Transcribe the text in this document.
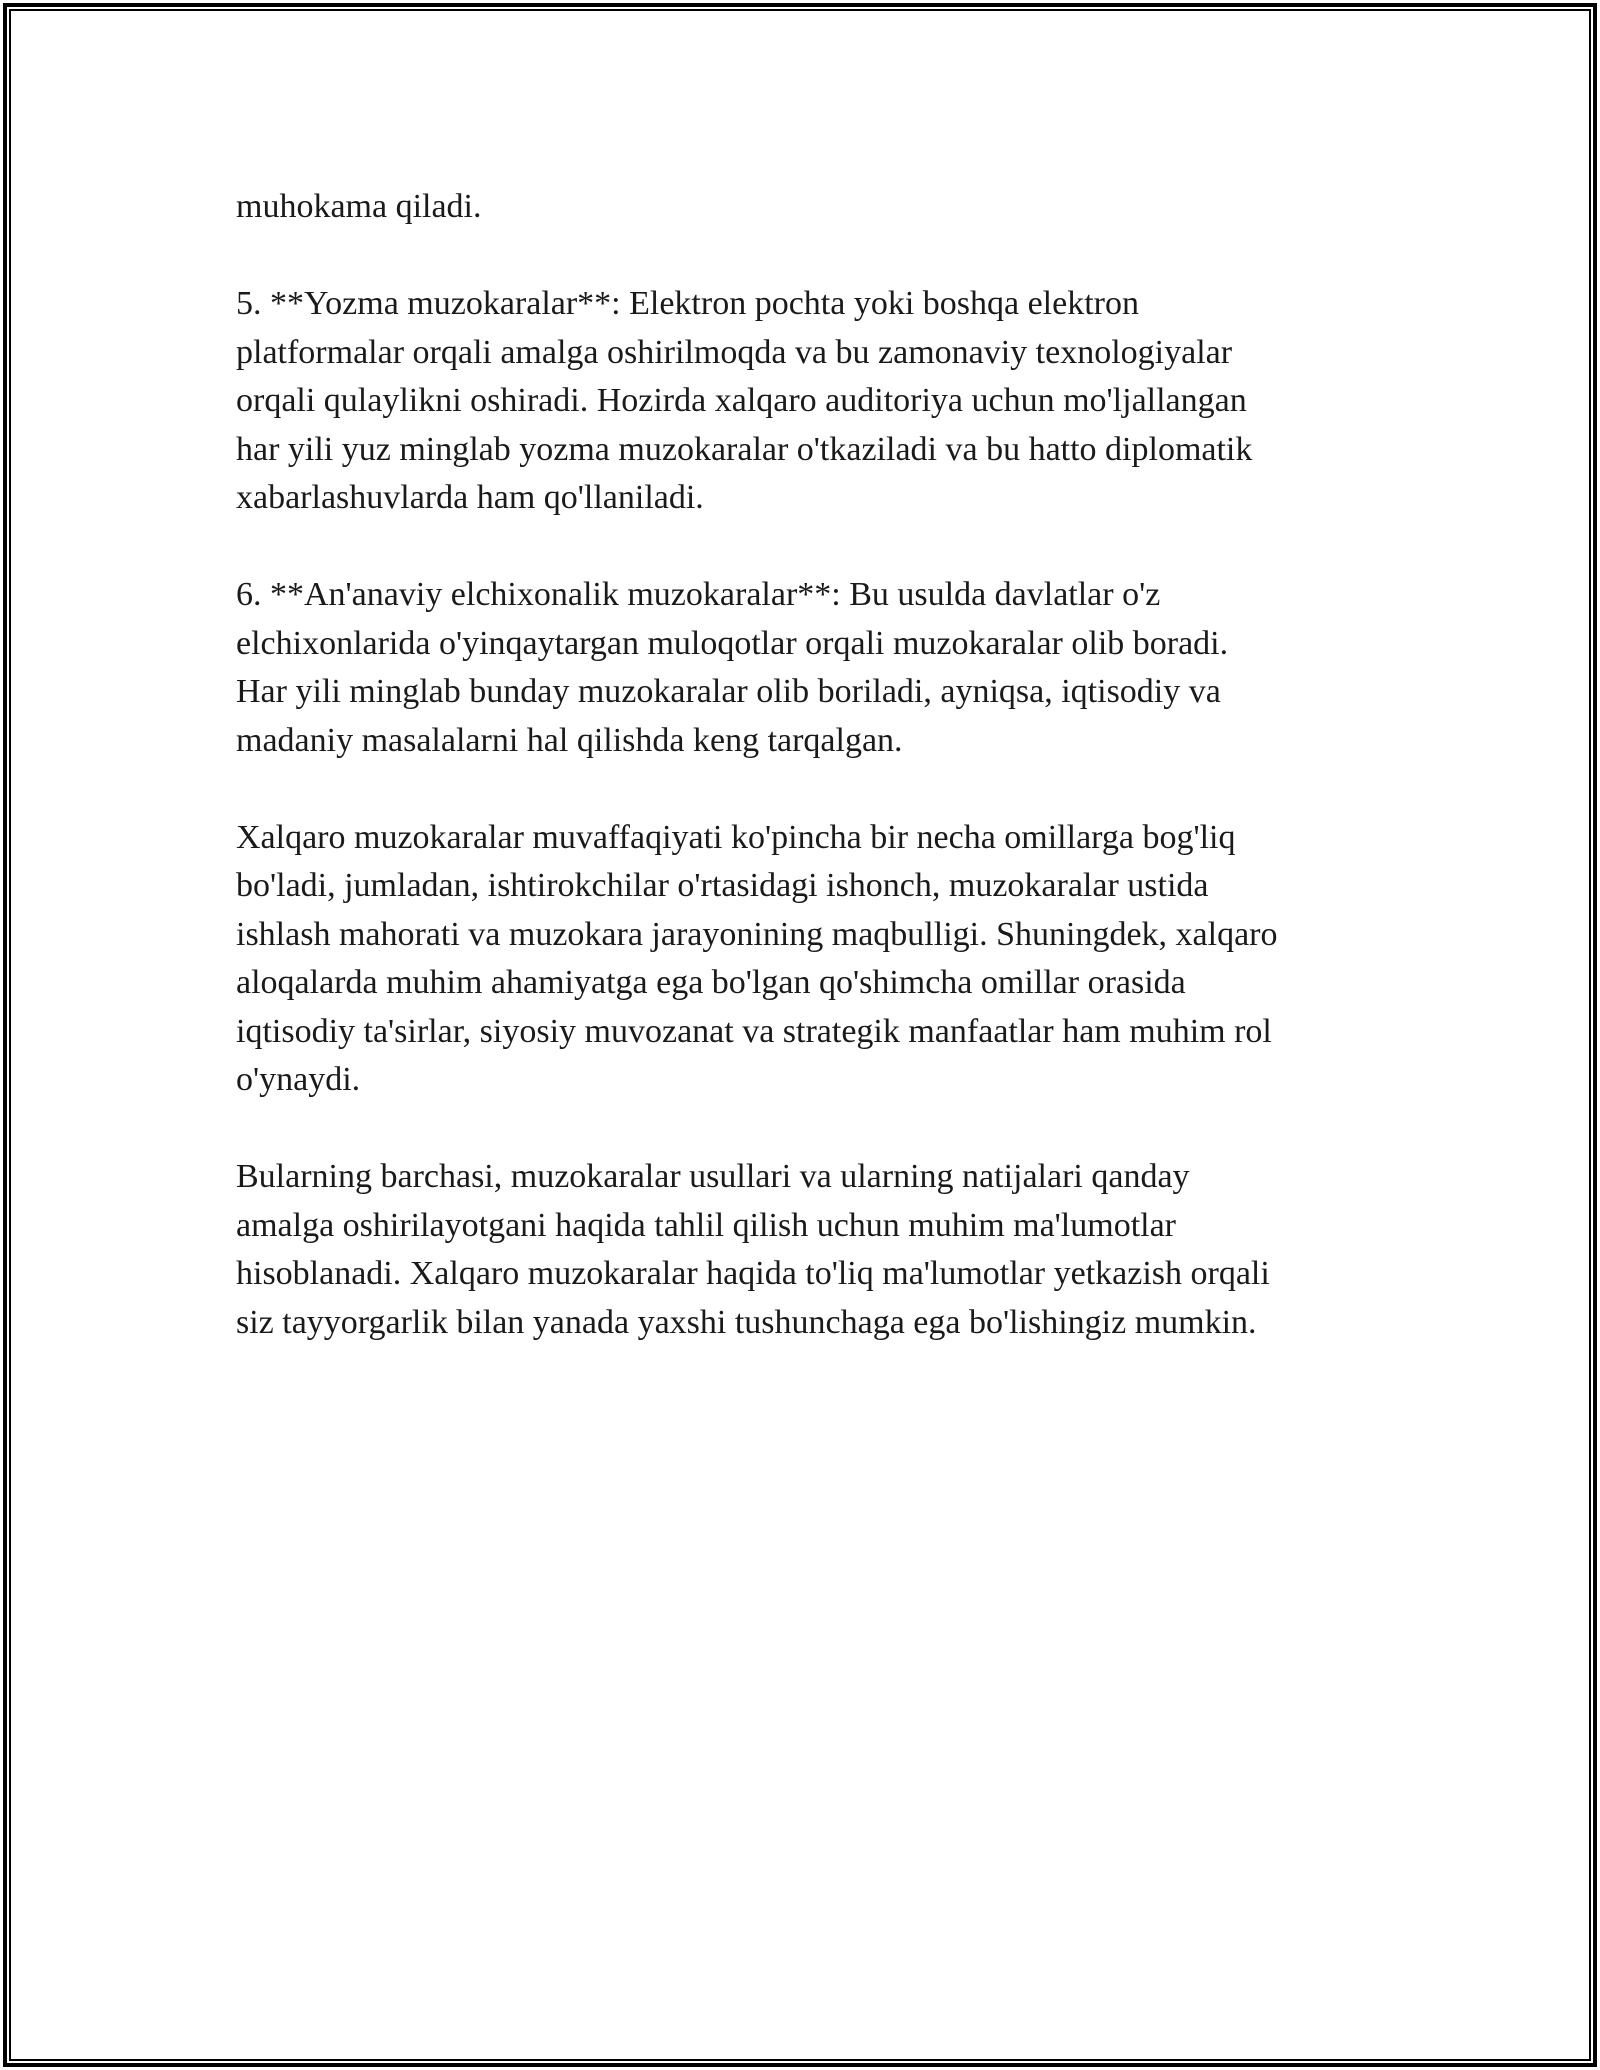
muhokama qiladi.

5. **Yozma muzokaralar**: Elektron pochta yoki boshqa elektron
platformalar orqali amalga oshirilmoqda va bu zamonaviy texnologiyalar
orqali qulaylikni oshiradi. Hozirda xalqaro auditoriya uchun mo'ljallangan
har yili yuz minglab yozma muzokaralar o'tkaziladi va bu hatto diplomatik
xabarlashuvlarda ham qo'llaniladi.

6. **An'anaviy elchixonalik muzokaralar**: Bu usulda davlatlar o'z
elchixonlarida o'yinqaytargan muloqotlar orqali muzokaralar olib boradi.
Har yili minglab bunday muzokaralar olib boriladi, ayniqsa, iqtisodiy va
madaniy masalalarni hal qilishda keng tarqalgan.

Xalqaro muzokaralar muvaffaqiyati ko'pincha bir necha omillarga bog'liq
bo'ladi, jumladan, ishtirokchilar o'rtasidagi ishonch, muzokaralar ustida
ishlash mahorati va muzokara jarayonining maqbulligi. Shuningdek, xalqaro
aloqalarda muhim ahamiyatga ega bo'lgan qo'shimcha omillar orasida
iqtisodiy ta'sirlar, siyosiy muvozanat va strategik manfaatlar ham muhim rol
o'ynaydi.

Bularning barchasi, muzokaralar usullari va ularning natijalari qanday
amalga oshirilayotgani haqida tahlil qilish uchun muhim ma'lumotlar
hisoblanadi. Xalqaro muzokaralar haqida to'liq ma'lumotlar yetkazish orqali
siz tayyorgarlik bilan yanada yaxshi tushunchaga ega bo'lishingiz mumkin.
